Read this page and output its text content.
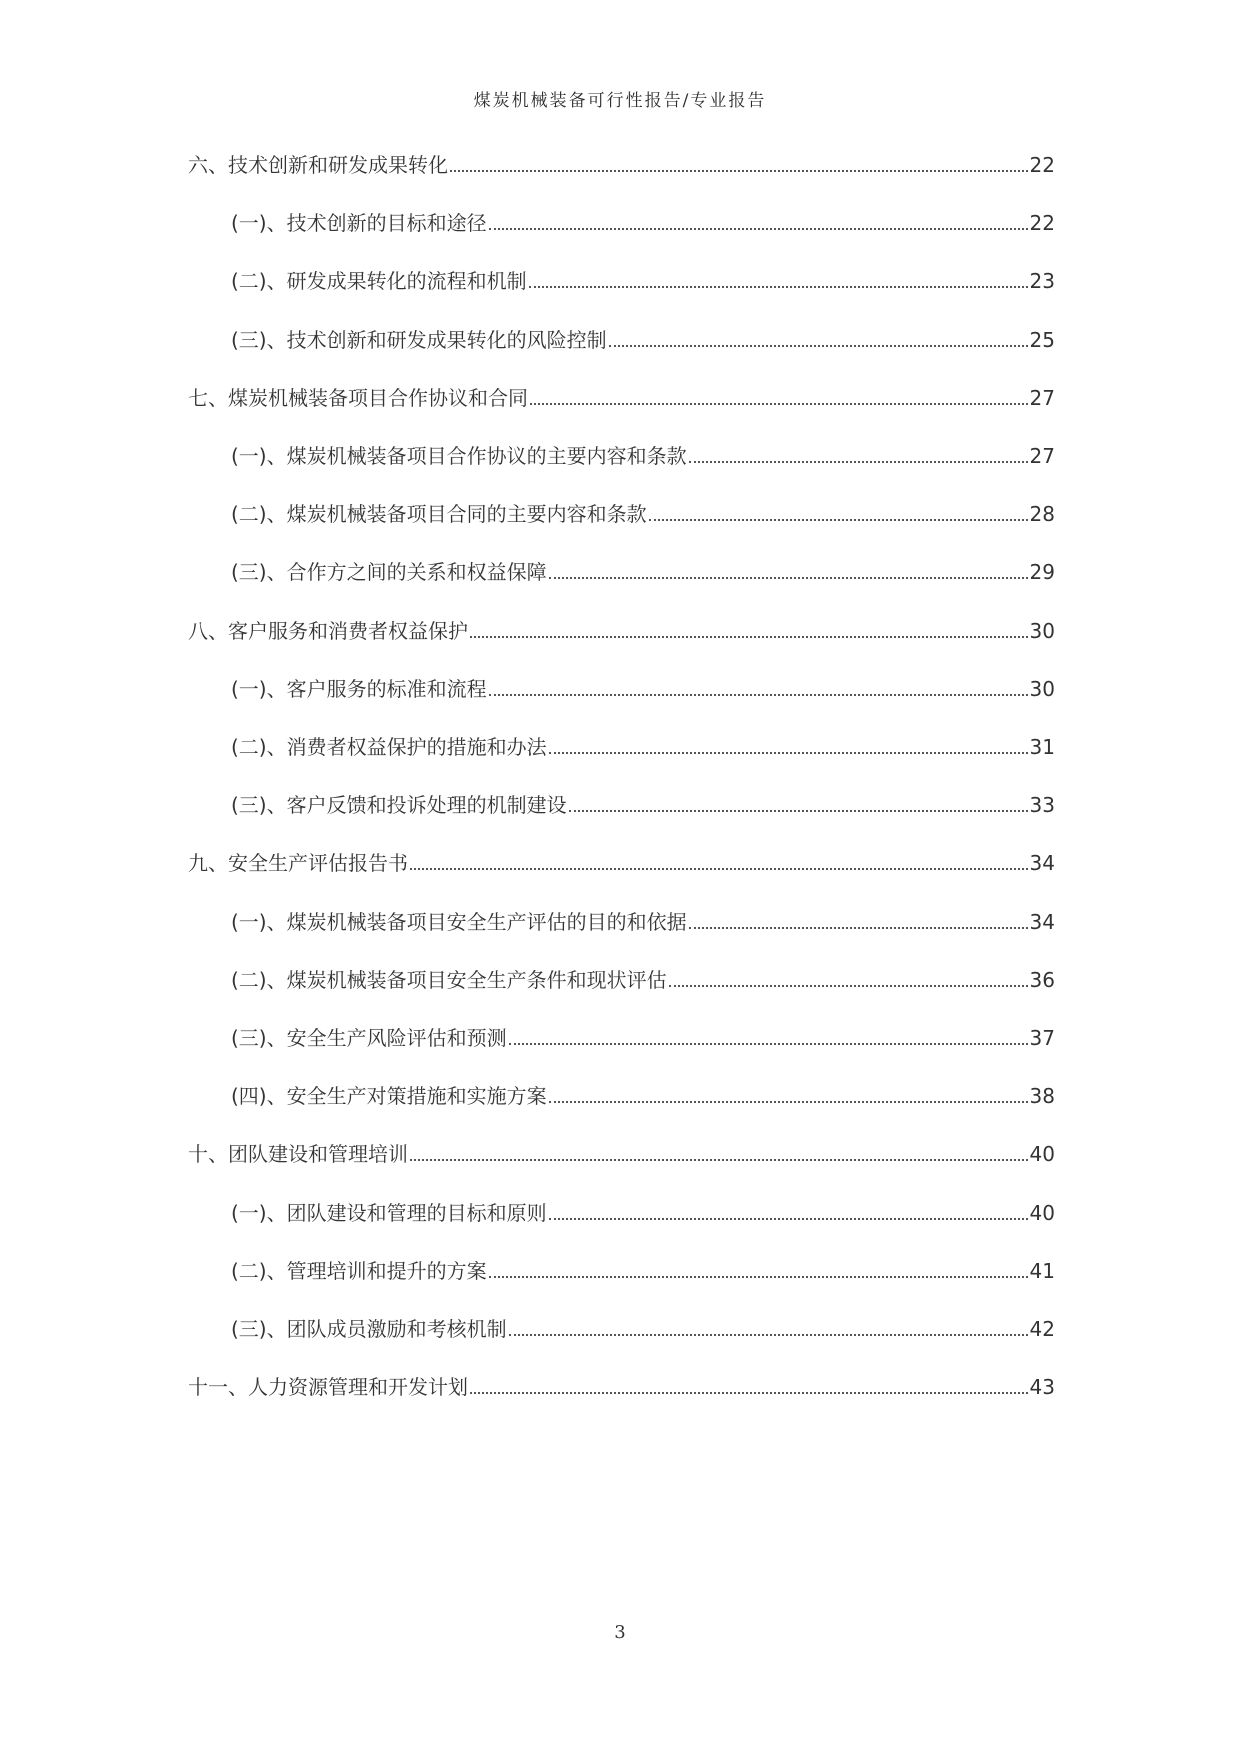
煤炭机械装备可行性报告/专业报告
六、技术创新和研发成果转化	22
(一)、技术创新的目标和途径	22
(二)、研发成果转化的流程和机制	23
(三)、技术创新和研发成果转化的风险控制	25
七、煤炭机械装备项目合作协议和合同	27
(一)、煤炭机械装备项目合作协议的主要内容和条款	27
(二)、煤炭机械装备项目合同的主要内容和条款	28
(三)、合作方之间的关系和权益保障	29
八、客户服务和消费者权益保护	30
(一)、客户服务的标准和流程	30
(二)、消费者权益保护的措施和办法	31
(三)、客户反馈和投诉处理的机制建设	33
九、安全生产评估报告书	34
(一)、煤炭机械装备项目安全生产评估的目的和依据	34
(二)、煤炭机械装备项目安全生产条件和现状评估	36
(三)、安全生产风险评估和预测	37
(四)、安全生产对策措施和实施方案	38
十、团队建设和管理培训	40
(一)、团队建设和管理的目标和原则	40
(二)、管理培训和提升的方案	41
(三)、团队成员激励和考核机制	42
十一、人力资源管理和开发计划	43
3
